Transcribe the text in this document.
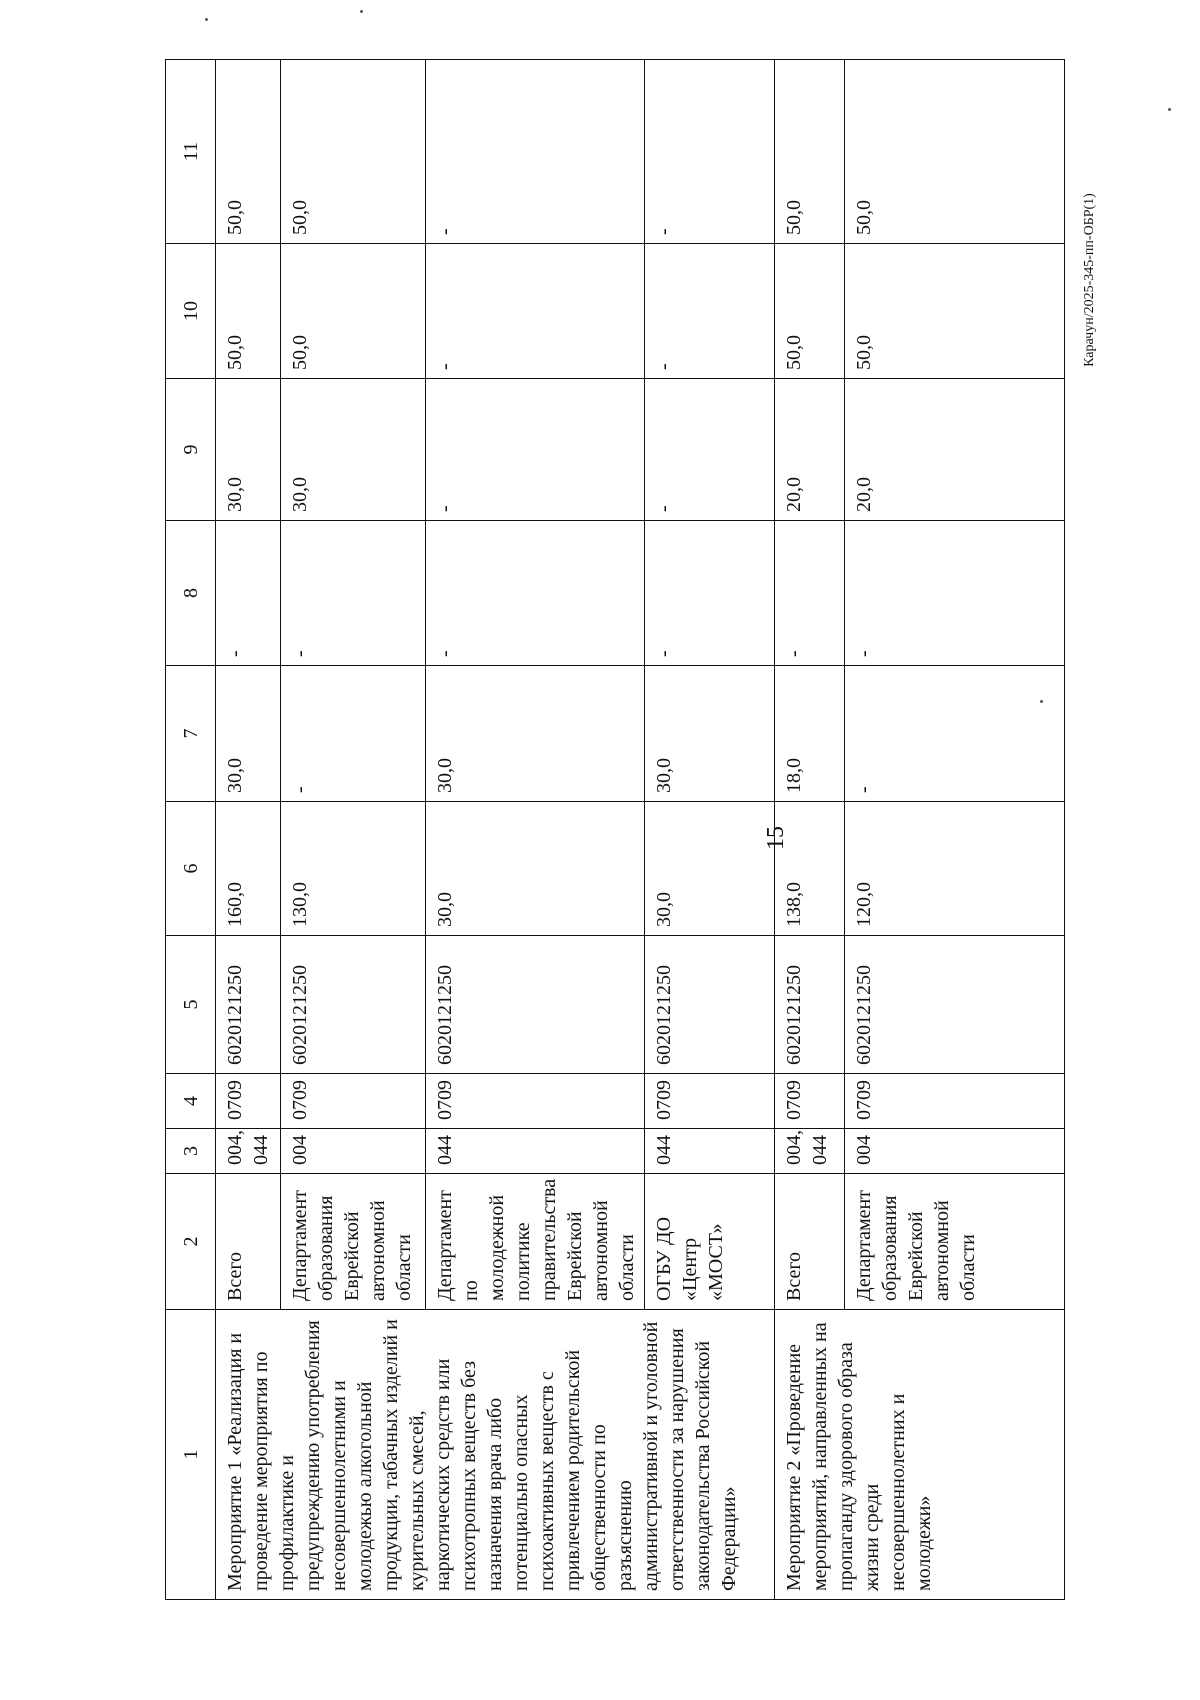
15
Карачун/2025-345-пп-ОБР(1)
1	2	3	4	5	6	7	8	9	10	11
Мероприятие 1 «Реализация и проведение мероприятия по профилактике и предупреждению употребления несовершеннолетними и молодежью алкогольной продукции, табачных изделий и курительных смесей, наркотических средств или психотропных веществ без назначения врача либо потенциально опасных психоактивных веществ с привлечением родительской общественности по разъяснению административной и уголовной ответственности за нарушения законодательства Российской Федерации»	Всего	004, 044	0709	6020121250	160,0	30,0	-	30,0	50,0	50,0
	Департамент образования Еврейской автономной области	004	0709	6020121250	130,0	-	-	30,0	50,0	50,0
	Департамент по молодежной политике правительства Еврейской автономной области	044	0709	6020121250	30,0	30,0	-	-	-	-
	ОГБУ ДО «Центр «МОСТ»	044	0709	6020121250	30,0	30,0	-	-	-	-
Мероприятие 2 «Проведение мероприятий, направленных на пропаганду здорового образа жизни среди несовершеннолетних и молодежи»	Всего	004, 044	0709	6020121250	138,0	18,0	-	20,0	50,0	50,0
	Департамент образования Еврейской автономной области	004	0709	6020121250	120,0	-	-	20,0	50,0	50,0
